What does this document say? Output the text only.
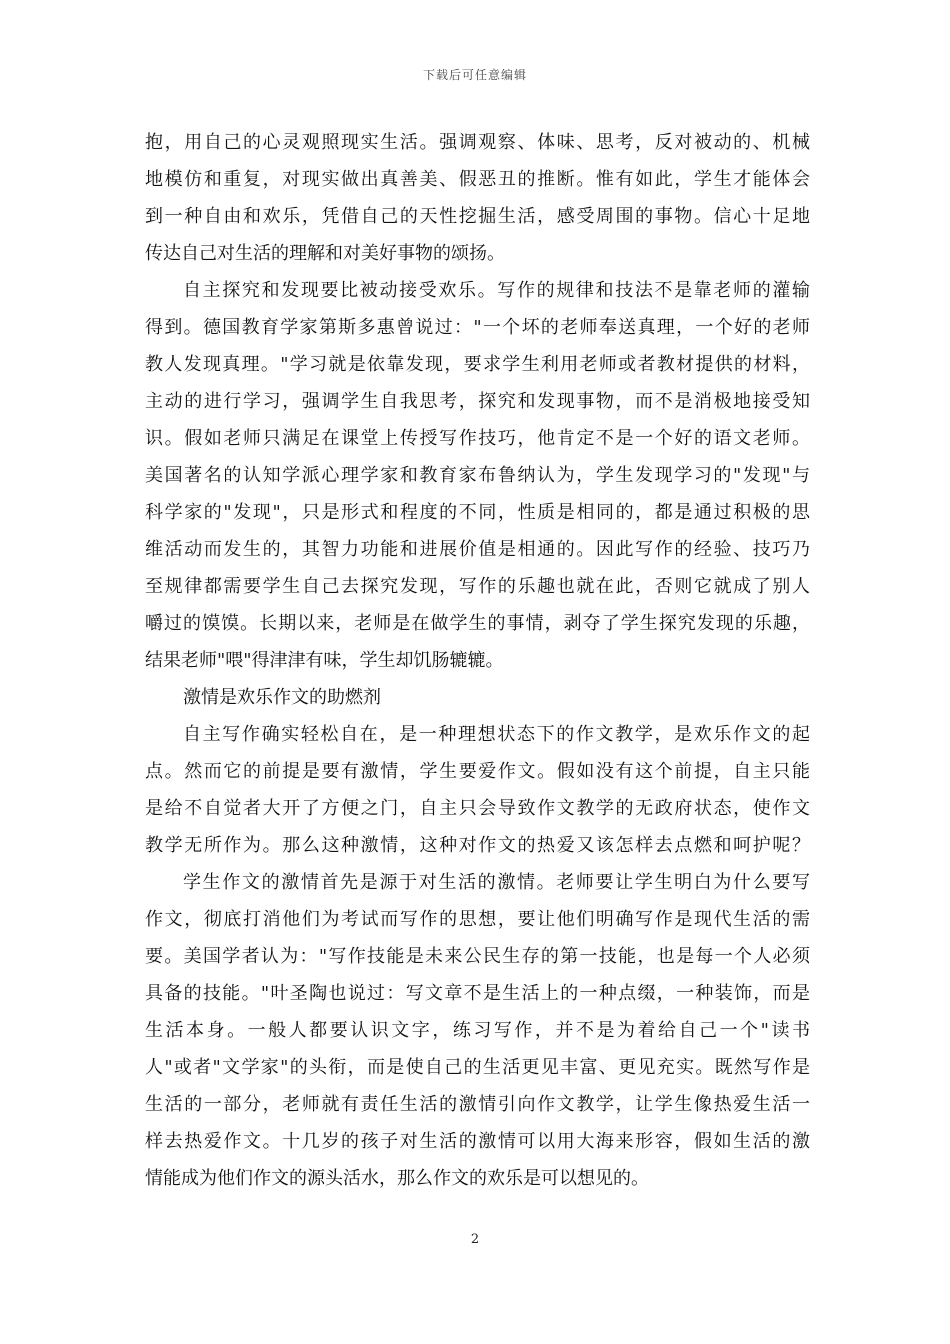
下载后可任意编辑
抱，用自己的心灵观照现实生活。强调观察、体味、思考，反对被动的、机械
地模仿和重复，对现实做出真善美、假恶丑的推断。惟有如此，学生才能体会
到一种自由和欢乐，凭借自己的天性挖掘生活，感受周围的事物。信心十足地
传达自己对生活的理解和对美好事物的颂扬。
自主探究和发现要比被动接受欢乐。写作的规律和技法不是靠老师的灌输
得到。德国教育学家第斯多惠曾说过："一个坏的老师奉送真理，一个好的老师
教人发现真理。"学习就是依靠发现，要求学生利用老师或者教材提供的材料，
主动的进行学习，强调学生自我思考，探究和发现事物，而不是消极地接受知
识。假如老师只满足在课堂上传授写作技巧，他肯定不是一个好的语文老师。
美国著名的认知学派心理学家和教育家布鲁纳认为，学生发现学习的"发现"与
科学家的"发现"，只是形式和程度的不同，性质是相同的，都是通过积极的思
维活动而发生的，其智力功能和进展价值是相通的。因此写作的经验、技巧乃
至规律都需要学生自己去探究发现，写作的乐趣也就在此，否则它就成了别人
嚼过的馍馍。长期以来，老师是在做学生的事情，剥夺了学生探究发现的乐趣，
结果老师"喂"得津津有味，学生却饥肠辘辘。
激情是欢乐作文的助燃剂
自主写作确实轻松自在，是一种理想状态下的作文教学，是欢乐作文的起
点。然而它的前提是要有激情，学生要爱作文。假如没有这个前提，自主只能
是给不自觉者大开了方便之门，自主只会导致作文教学的无政府状态，使作文
教学无所作为。那么这种激情，这种对作文的热爱又该怎样去点燃和呵护呢？
学生作文的激情首先是源于对生活的激情。老师要让学生明白为什么要写
作文，彻底打消他们为考试而写作的思想，要让他们明确写作是现代生活的需
要。美国学者认为："写作技能是未来公民生存的第一技能，也是每一个人必须
具备的技能。"叶圣陶也说过：写文章不是生活上的一种点缀，一种装饰，而是
生活本身。一般人都要认识文字，练习写作，并不是为着给自己一个"读书
人"或者"文学家"的头衔，而是使自己的生活更见丰富、更见充实。既然写作是
生活的一部分，老师就有责任生活的激情引向作文教学，让学生像热爱生活一
样去热爱作文。十几岁的孩子对生活的激情可以用大海来形容，假如生活的激
情能成为他们作文的源头活水，那么作文的欢乐是可以想见的。
2
